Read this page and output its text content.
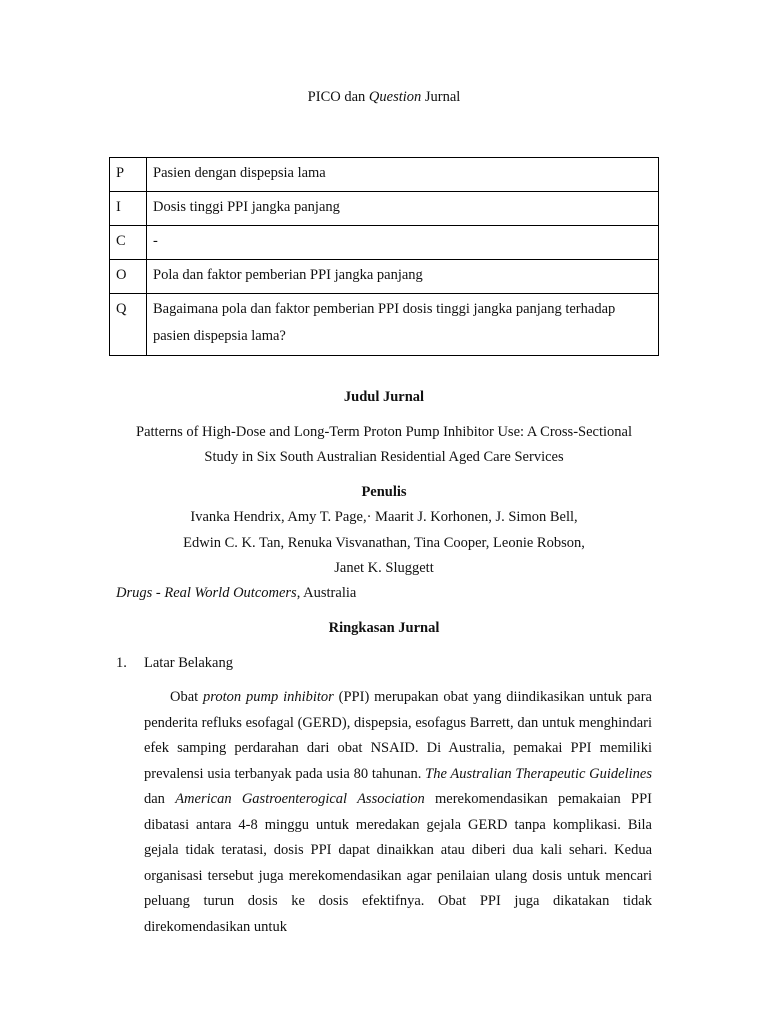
PICO dan Question Jurnal
P	Pasien dengan dispepsia lama
I	Dosis tinggi PPI jangka panjang
C	-
O	Pola dan faktor pemberian PPI jangka panjang
Q	Bagaimana pola dan faktor pemberian PPI dosis tinggi jangka panjang terhadap pasien dispepsia lama?
Judul Jurnal
Patterns of High-Dose and Long-Term Proton Pump Inhibitor Use: A Cross-Sectional
Study in Six South Australian Residential Aged Care Services
Penulis
Ivanka Hendrix, Amy T. Page,· Maarit J. Korhonen, J. Simon Bell,
Edwin C. K. Tan, Renuka Visvanathan, Tina Cooper, Leonie Robson,
Janet K. Sluggett
Drugs - Real World Outcomers, Australia
Ringkasan Jurnal
1. Latar Belakang

Obat proton pump inhibitor (PPI) merupakan obat yang diindikasikan untuk para penderita refluks esofagal (GERD), dispepsia, esofagus Barrett, dan untuk menghindari efek samping perdarahan dari obat NSAID. Di Australia, pemakai PPI memiliki prevalensi usia terbanyak pada usia 80 tahunan. The Australian Therapeutic Guidelines dan American Gastroenterogical Association merekomendasikan pemakaian PPI dibatasi antara 4-8 minggu untuk meredakan gejala GERD tanpa komplikasi. Bila gejala tidak teratasi, dosis PPI dapat dinaikkan atau diberi dua kali sehari. Kedua organisasi tersebut juga merekomendasikan agar penilaian ulang dosis untuk mencari peluang turun dosis ke dosis efektifnya. Obat PPI juga dikatakan tidak direkomendasikan untuk
